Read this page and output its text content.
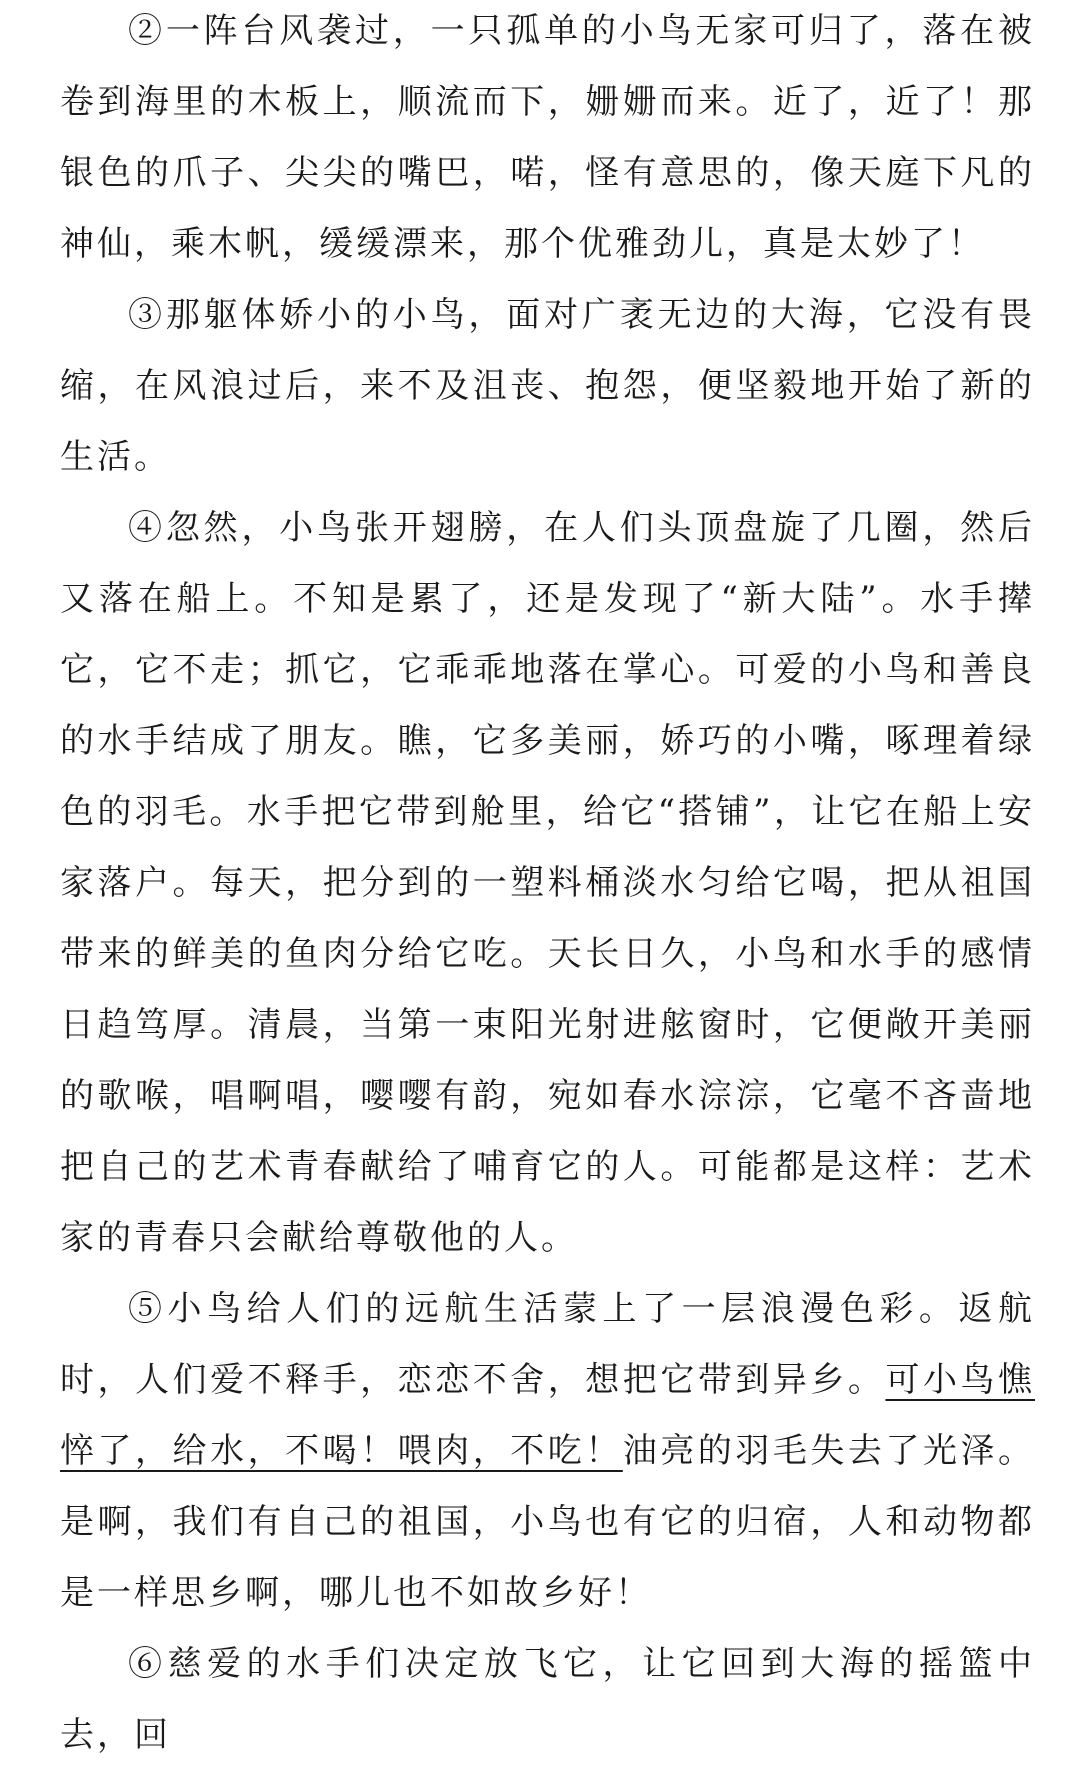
②一阵台风袭过，一只孤单的小鸟无家可归了，落在被卷到海里的木板上，顺流而下，姗姗而来。近了，近了！那银色的爪子、尖尖的嘴巴，喏，怪有意思的，像天庭下凡的神仙，乘木帆，缓缓漂来，那个优雅劲儿，真是太妙了！

③那躯体娇小的小鸟，面对广袤无边的大海，它没有畏缩，在风浪过后，来不及沮丧、抱怨，便坚毅地开始了新的生活。

④忽然，小鸟张开翅膀，在人们头顶盘旋了几圈，然后又落在船上。不知是累了，还是发现了“新大陆”。水手撵它，它不走；抓它，它乖乖地落在掌心。可爱的小鸟和善良的水手结成了朋友。瞧，它多美丽，娇巧的小嘴，啄理着绿色的羽毛。水手把它带到舱里，给它“搭铺”，让它在船上安家落户。每天，把分到的一塑料桶淡水匀给它喝，把从祖国带来的鲜美的鱼肉分给它吃。天长日久，小鸟和水手的感情日趋笃厚。清晨，当第一束阳光射进舷窗时，它便敞开美丽的歌喉，唱啊唱，嘤嘤有韵，宛如春水淙淙，它毫不吝啬地把自己的艺术青春献给了哺育它的人。可能都是这样：艺术家的青春只会献给尊敬他的人。

⑤小鸟给人们的远航生活蒙上了一层浪漫色彩。返航时，人们爱不释手，恋恋不舍，想把它带到异乡。可小鸟憔悴了，给水，不喝！喂肉，不吃！油亮的羽毛失去了光泽。是啊，我们有自己的祖国，小鸟也有它的归宿，人和动物都是一样思乡啊，哪儿也不如故乡好！

⑥慈爱的水手们决定放飞它，让它回到大海的摇篮中去，回
